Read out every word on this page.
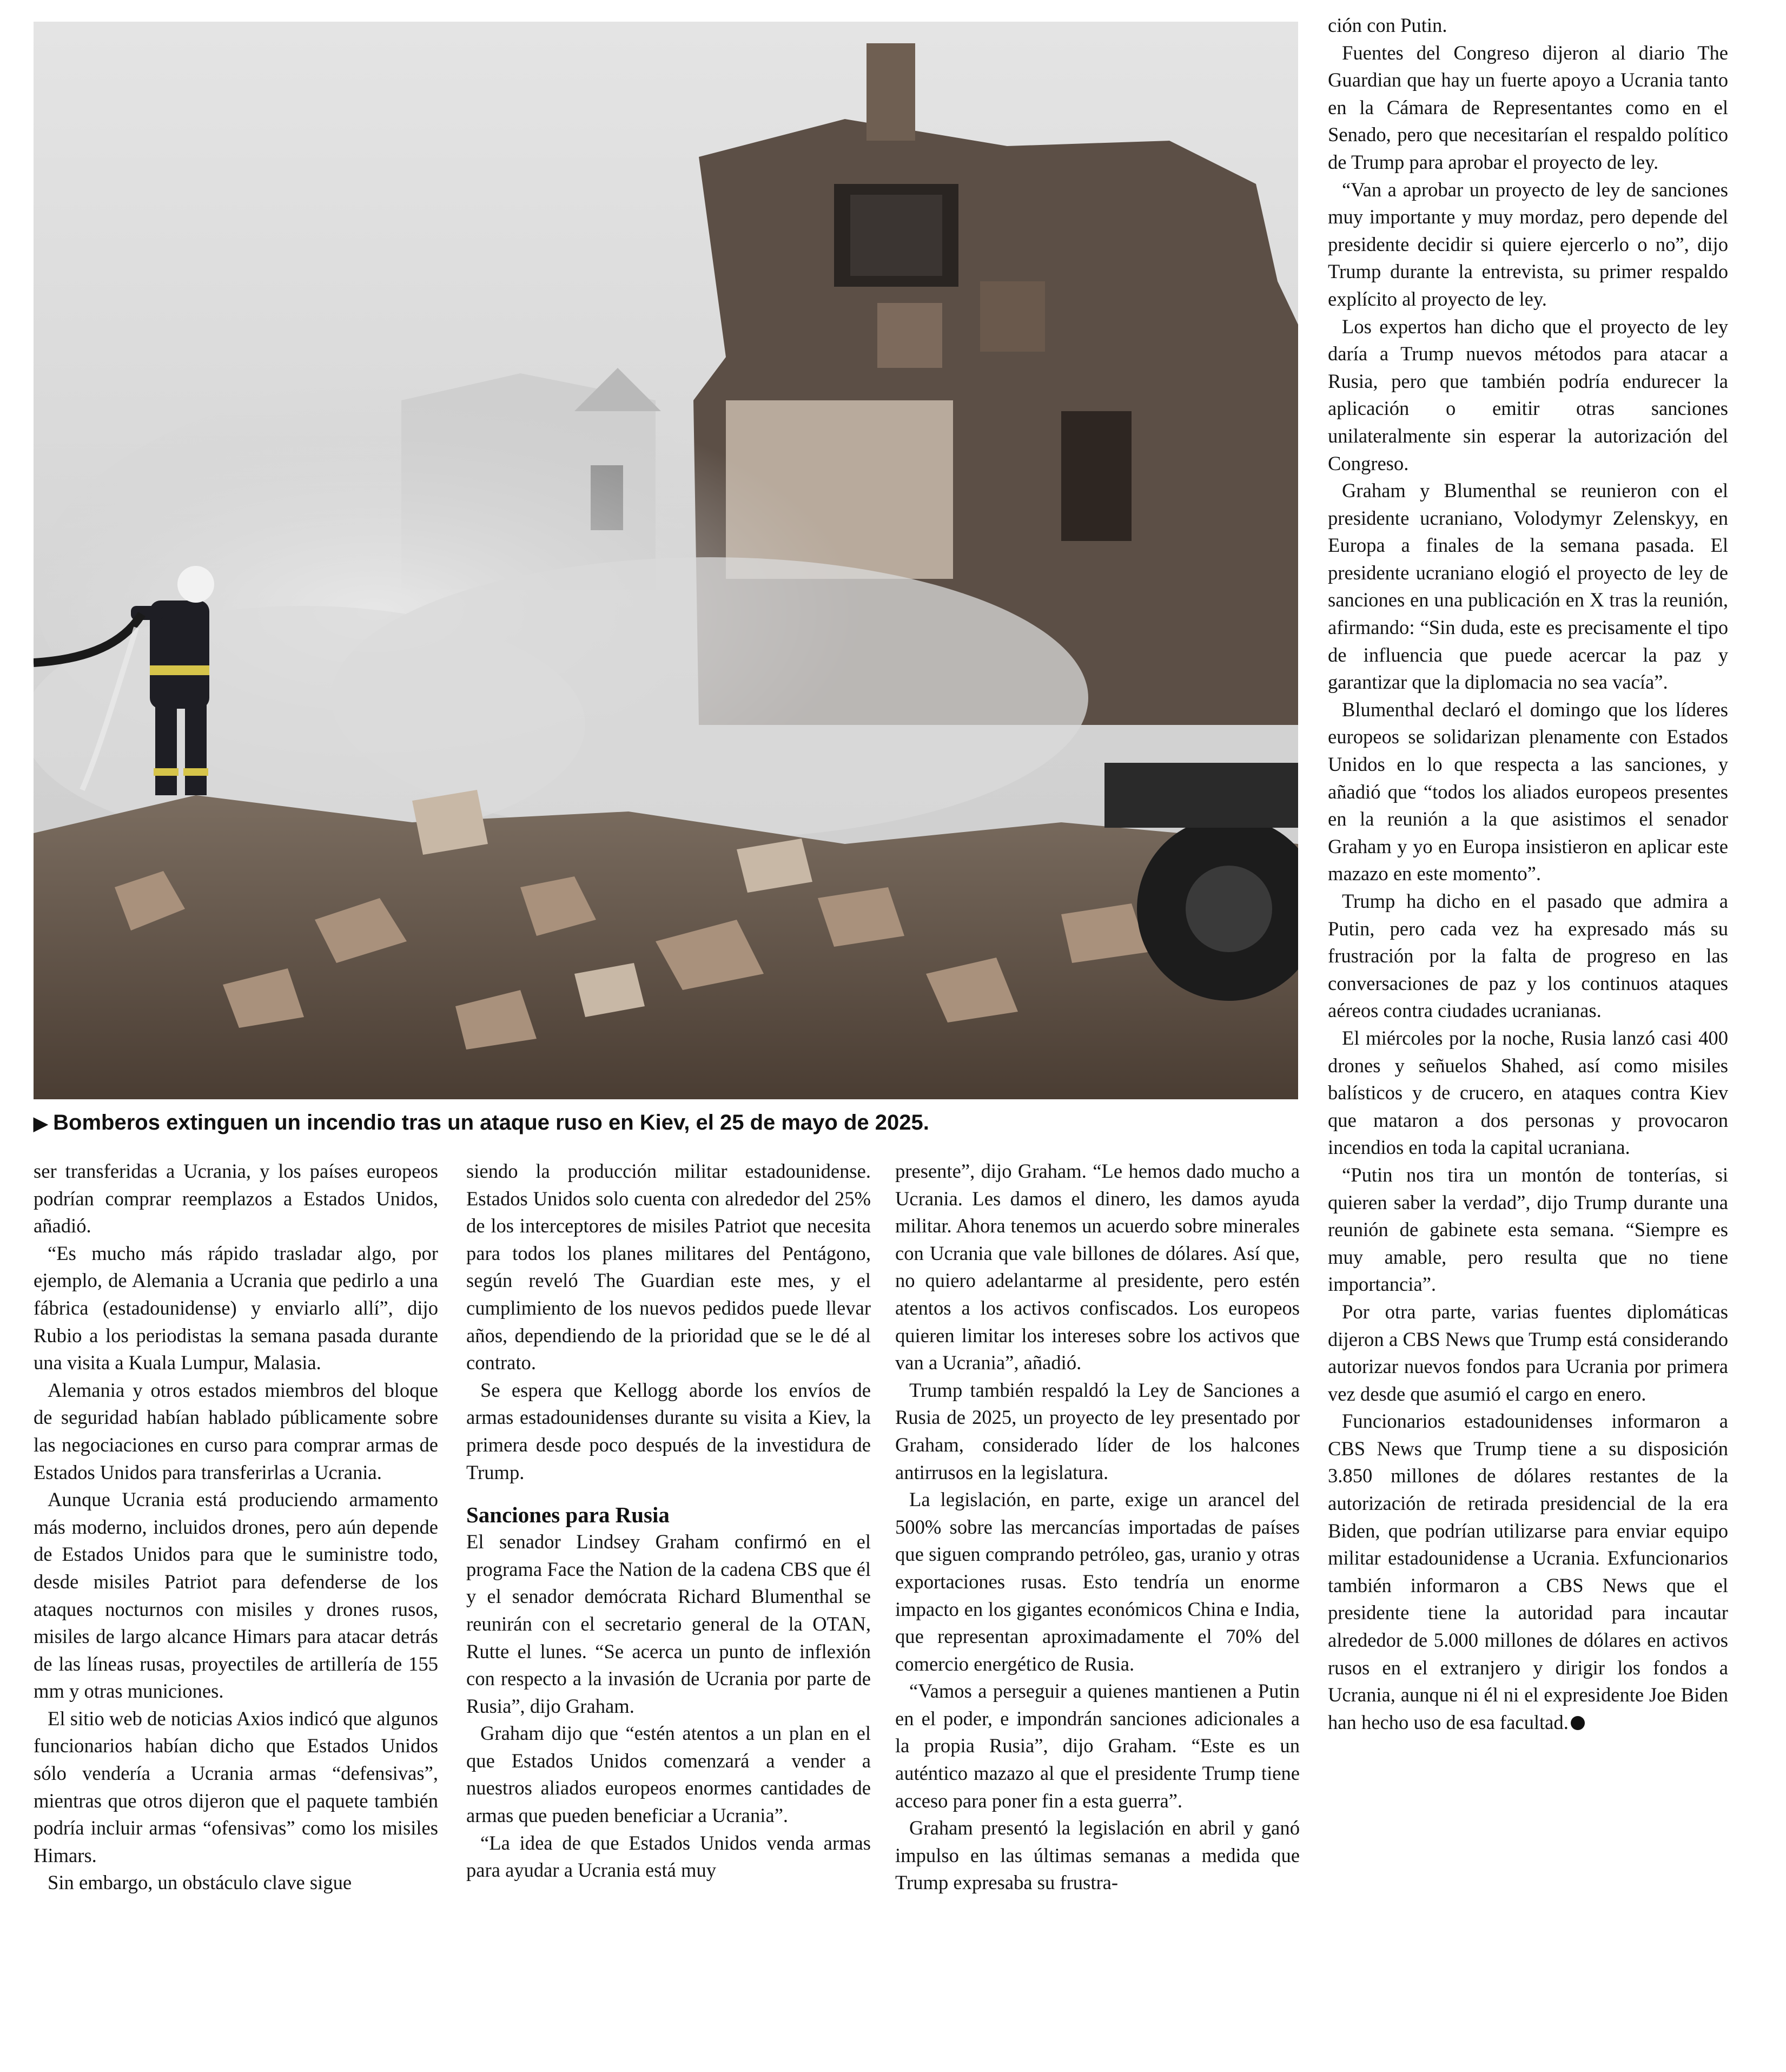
▶ Bomberos extinguen un incendio tras un ataque ruso en Kiev, el 25 de mayo de 2025.

ser transferidas a Ucrania, y los países europeos podrían comprar reemplazos a Estados Unidos, añadió.

“Es mucho más rápido trasladar algo, por ejemplo, de Alemania a Ucrania que pedirlo a una fábrica (estadounidense) y enviarlo allí”, dijo Rubio a los periodistas la semana pasada durante una visita a Kuala Lumpur, Malasia.

Alemania y otros estados miembros del bloque de seguridad habían hablado públicamente sobre las negociaciones en curso para comprar armas de Estados Unidos para transferirlas a Ucrania.

Aunque Ucrania está produciendo armamento más moderno, incluidos drones, pero aún depende de Estados Unidos para que le suministre todo, desde misiles Patriot para defenderse de los ataques nocturnos con misiles y drones rusos, misiles de largo alcance Himars para atacar detrás de las líneas rusas, proyectiles de artillería de 155 mm y otras municiones.

El sitio web de noticias Axios indicó que algunos funcionarios habían dicho que Estados Unidos sólo vendería a Ucrania armas “defensivas”, mientras que otros dijeron que el paquete también podría incluir armas “ofensivas” como los misiles Himars.

Sin embargo, un obstáculo clave sigue

siendo la producción militar estadounidense. Estados Unidos solo cuenta con alrededor del 25% de los interceptores de misiles Patriot que necesita para todos los planes militares del Pentágono, según reveló The Guardian este mes, y el cumplimiento de los nuevos pedidos puede llevar años, dependiendo de la prioridad que se le dé al contrato.

Se espera que Kellogg aborde los envíos de armas estadounidenses durante su visita a Kiev, la primera desde poco después de la investidura de Trump.

Sanciones para Rusia

El senador Lindsey Graham confirmó en el programa Face the Nation de la cadena CBS que él y el senador demócrata Richard Blumenthal se reunirán con el secretario general de la OTAN, Rutte el lunes. “Se acerca un punto de inflexión con respecto a la invasión de Ucrania por parte de Rusia”, dijo Graham.

Graham dijo que “estén atentos a un plan en el que Estados Unidos comenzará a vender a nuestros aliados europeos enormes cantidades de armas que pueden beneficiar a Ucrania”.

“La idea de que Estados Unidos venda armas para ayudar a Ucrania está muy

presente”, dijo Graham. “Le hemos dado mucho a Ucrania. Les damos el dinero, les damos ayuda militar. Ahora tenemos un acuerdo sobre minerales con Ucrania que vale billones de dólares. Así que, no quiero adelantarme al presidente, pero estén atentos a los activos confiscados. Los europeos quieren limitar los intereses sobre los activos que van a Ucrania”, añadió.

Trump también respaldó la Ley de Sanciones a Rusia de 2025, un proyecto de ley presentado por Graham, considerado líder de los halcones antirrusos en la legislatura.

La legislación, en parte, exige un arancel del 500% sobre las mercancías importadas de países que siguen comprando petróleo, gas, uranio y otras exportaciones rusas. Esto tendría un enorme impacto en los gigantes económicos China e India, que representan aproximadamente el 70% del comercio energético de Rusia.

“Vamos a perseguir a quienes mantienen a Putin en el poder, e impondrán sanciones adicionales a la propia Rusia”, dijo Graham. “Este es un auténtico mazazo al que el presidente Trump tiene acceso para poner fin a esta guerra”.

Graham presentó la legislación en abril y ganó impulso en las últimas semanas a medida que Trump expresaba su frustra-

ción con Putin.

Fuentes del Congreso dijeron al diario The Guardian que hay un fuerte apoyo a Ucrania tanto en la Cámara de Representantes como en el Senado, pero que necesitarían el respaldo político de Trump para aprobar el proyecto de ley.

“Van a aprobar un proyecto de ley de sanciones muy importante y muy mordaz, pero depende del presidente decidir si quiere ejercerlo o no”, dijo Trump durante la entrevista, su primer respaldo explícito al proyecto de ley.

Los expertos han dicho que el proyecto de ley daría a Trump nuevos métodos para atacar a Rusia, pero que también podría endurecer la aplicación o emitir otras sanciones unilateralmente sin esperar la autorización del Congreso.

Graham y Blumenthal se reunieron con el presidente ucraniano, Volodymyr Zelenskyy, en Europa a finales de la semana pasada. El presidente ucraniano elogió el proyecto de ley de sanciones en una publicación en X tras la reunión, afirmando: “Sin duda, este es precisamente el tipo de influencia que puede acercar la paz y garantizar que la diplomacia no sea vacía”.

Blumenthal declaró el domingo que los líderes europeos se solidarizan plenamente con Estados Unidos en lo que respecta a las sanciones, y añadió que “todos los aliados europeos presentes en la reunión a la que asistimos el senador Graham y yo en Europa insistieron en aplicar este mazazo en este momento”.

Trump ha dicho en el pasado que admira a Putin, pero cada vez ha expresado más su frustración por la falta de progreso en las conversaciones de paz y los continuos ataques aéreos contra ciudades ucranianas.

El miércoles por la noche, Rusia lanzó casi 400 drones y señuelos Shahed, así como misiles balísticos y de crucero, en ataques contra Kiev que mataron a dos personas y provocaron incendios en toda la capital ucraniana.

“Putin nos tira un montón de tonterías, si quieren saber la verdad”, dijo Trump durante una reunión de gabinete esta semana. “Siempre es muy amable, pero resulta que no tiene importancia”.

Por otra parte, varias fuentes diplomáticas dijeron a CBS News que Trump está considerando autorizar nuevos fondos para Ucrania por primera vez desde que asumió el cargo en enero.

Funcionarios estadounidenses informaron a CBS News que Trump tiene a su disposición 3.850 millones de dólares restantes de la autorización de retirada presidencial de la era Biden, que podrían utilizarse para enviar equipo militar estadounidense a Ucrania. Exfuncionarios también informaron a CBS News que el presidente tiene la autoridad para incautar alrededor de 5.000 millones de dólares en activos rusos en el extranjero y dirigir los fondos a Ucrania, aunque ni él ni el expresidente Joe Biden han hecho uso de esa facultad.
